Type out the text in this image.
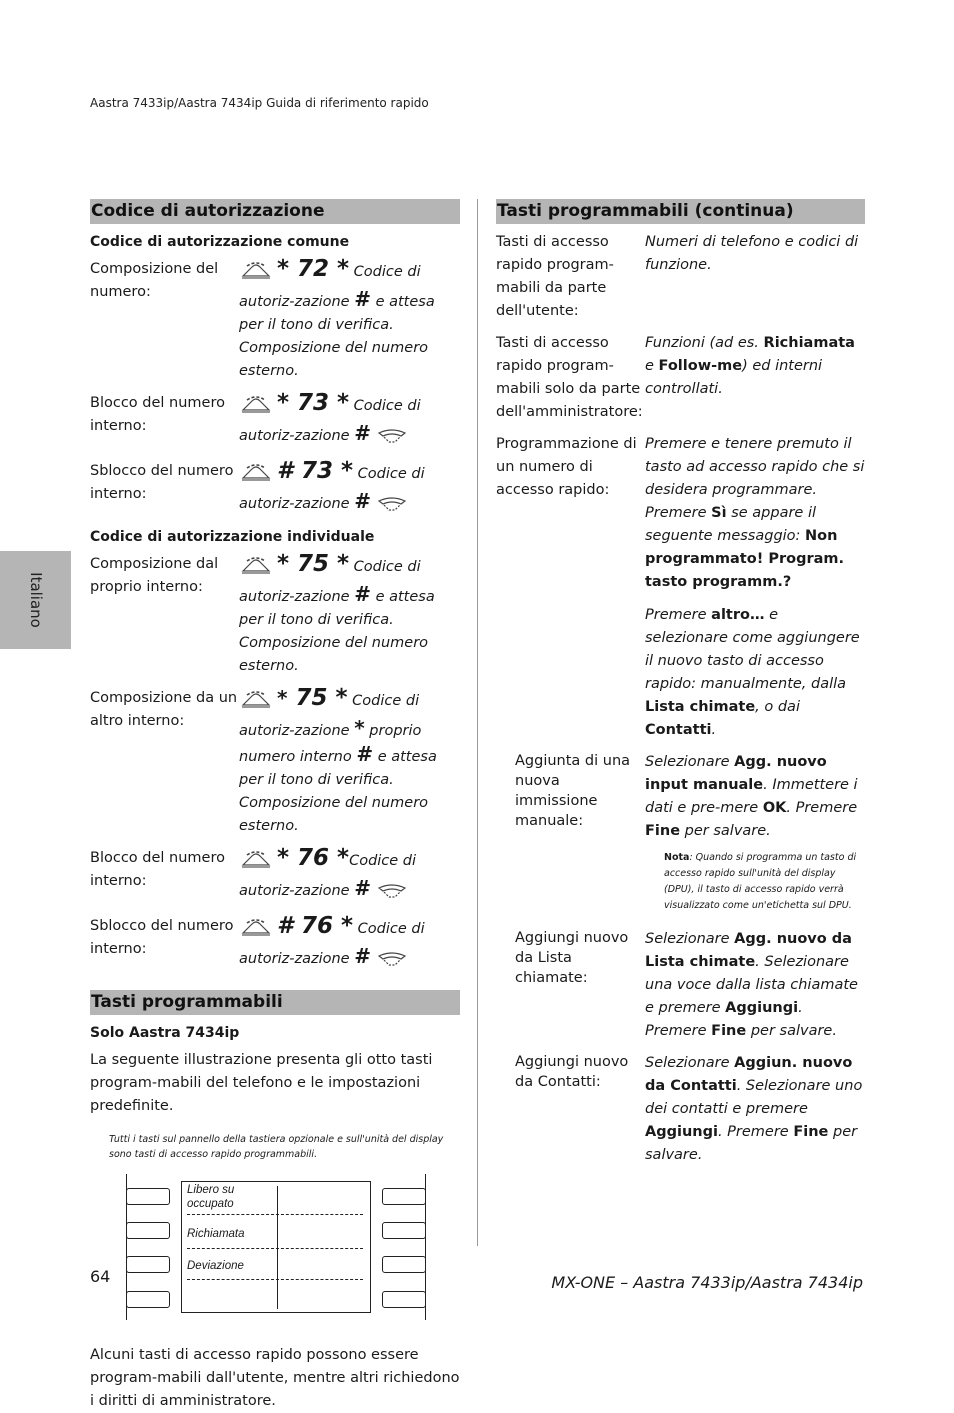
Aastra 7433ip/Aastra 7434ip Guida di riferimento rapido
Italiano
Codice di autorizzazione
Codice di autorizzazione comune
Composizione del numero:
* 72 * Codice di autoriz-zazione # e attesa per il tono di verifica. Composizione del numero esterno.
Blocco del numero interno:
* 73 * Codice di autoriz-zazione #
Sblocco del numero interno:
# 73 * Codice di autoriz-zazione #
Codice di autorizzazione individuale
Composizione dal proprio interno:
* 75 * Codice di autoriz-zazione # e attesa per il tono di verifica. Composizione del numero esterno.
Composizione da un altro interno:
* 75 * Codice di autoriz-zazione * proprio numero interno # e attesa per il tono di verifica. Composizione del numero esterno.
Blocco del numero interno:
* 76 *Codice di autoriz-zazione #
Sblocco del numero interno:
# 76 * Codice di autoriz-zazione #
Tasti programmabili
Solo Aastra 7434ip
La seguente illustrazione presenta gli otto tasti program-mabili del telefono e le impostazioni predefinite.
Tutti i tasti sul pannello della tastiera opzionale e sull'unità del display sono tasti di accesso rapido programmabili.
Libero su
occupato
Richiamata
Deviazione
Alcuni tasti di accesso rapido possono essere program-mabili dall'utente, mentre altri richiedono i diritti di amministratore.
Tasti programmabili (continua)
Tasti di accesso rapido program-mabili da parte dell'utente:
Numeri di telefono e codici di funzione.
Tasti di accesso rapido program-mabili solo da parte dell'amministratore:
Funzioni (ad es. Richiamata e Follow-me) ed interni controllati.
Programmazione di un numero di accesso rapido:
Premere e tenere premuto il tasto ad accesso rapido che si desidera programmare. Premere Sì se appare il seguente messaggio: Non programmato! Program. tasto programm.?
Premere altro… e selezionare come aggiungere il nuovo tasto di accesso rapido: manualmente, dalla Lista chimate, o dai Contatti.
Aggiunta di una nuova immissione manuale:
Selezionare Agg. nuovo input manuale. Immettere i dati e pre-mere OK. Premere Fine per salvare.
Nota: Quando si programma un tasto di accesso rapido sull'unità del display (DPU), il tasto di accesso rapido verrà visualizzato come un'etichetta sul DPU.
Aggiungi nuovo da Lista chiamate:
Selezionare Agg. nuovo da Lista chimate. Selezionare una voce dalla lista chiamate e premere Aggiungi. Premere Fine per salvare.
Aggiungi nuovo da Contatti:
Selezionare Aggiun. nuovo da Contatti. Selezionare uno dei contatti e premere Aggiungi. Premere Fine per salvare.
64	MX-ONE – Aastra 7433ip/Aastra 7434ip
